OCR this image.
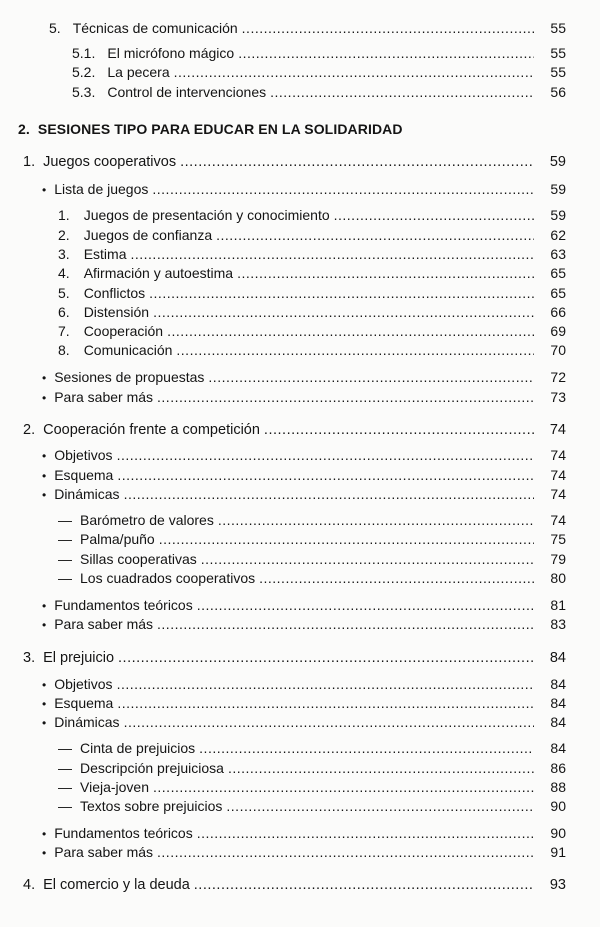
2. SESIONES TIPO PARA EDUCAR EN LA SOLIDARIDAD
5. Técnicas de comunicación .....	55
5.1. El micrófono mágico .....	55
5.2. La pecera .....	55
5.3. Control de intervenciones .....	56
1. Juegos cooperativos .....	59
• Lista de juegos .....	59
1. Juegos de presentación y conocimiento .....	59
2. Juegos de confianza .....	62
3. Estima .....	63
4. Afirmación y autoestima .....	65
5. Conflictos .....	65
6. Distensión .....	66
7. Cooperación .....	69
8. Comunicación .....	70
• Sesiones de propuestas .....	72
• Para saber más .....	73
2. Cooperación frente a competición .....	74
• Objetivos .....	74
• Esquema .....	74
• Dinámicas .....	74
— Barómetro de valores .....	74
— Palma/puño .....	75
— Sillas cooperativas .....	79
— Los cuadrados cooperativos .....	80
• Fundamentos teóricos .....	81
• Para saber más .....	83
3. El prejuicio .....	84
• Objetivos .....	84
• Esquema .....	84
• Dinámicas .....	84
— Cinta de prejuicios .....	84
— Descripción prejuiciosa .....	86
— Vieja-joven .....	88
— Textos sobre prejuicios .....	90
• Fundamentos teóricos .....	90
• Para saber más .....	91
4. El comercio y la deuda .....	93
